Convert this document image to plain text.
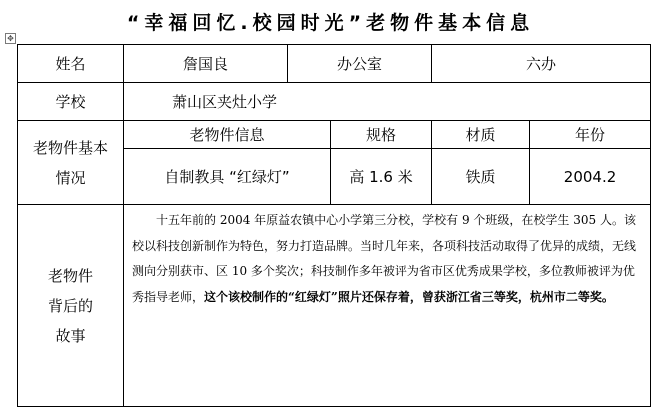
“幸福回忆.校园时光”老物件基本信息
✥
姓名	詹国良	办公室		六办	
学校	萧山区夹灶小学				

老物件基本
情况	老物件信息		规格	材质	年份
	自制教具 “红绿灯”		高 1.6 米	铁质	2004.2

老物件
背后的
故事	　　十五年前的 2004 年原益农镇中心小学第三分校，学校有 9 个班级，在校学生 305 人。该校以科技创新制作为特色，努力打造品牌。当时几年来，各项科技活动取得了优异的成绩，无线测向分别获市、区 10 多个奖次；科技制作多年被评为省市区优秀成果学校，多位教师被评为优秀指导老师，这个该校制作的“红绿灯”照片还保存着，曾获浙江省三等奖，杭州市二等奖。				
